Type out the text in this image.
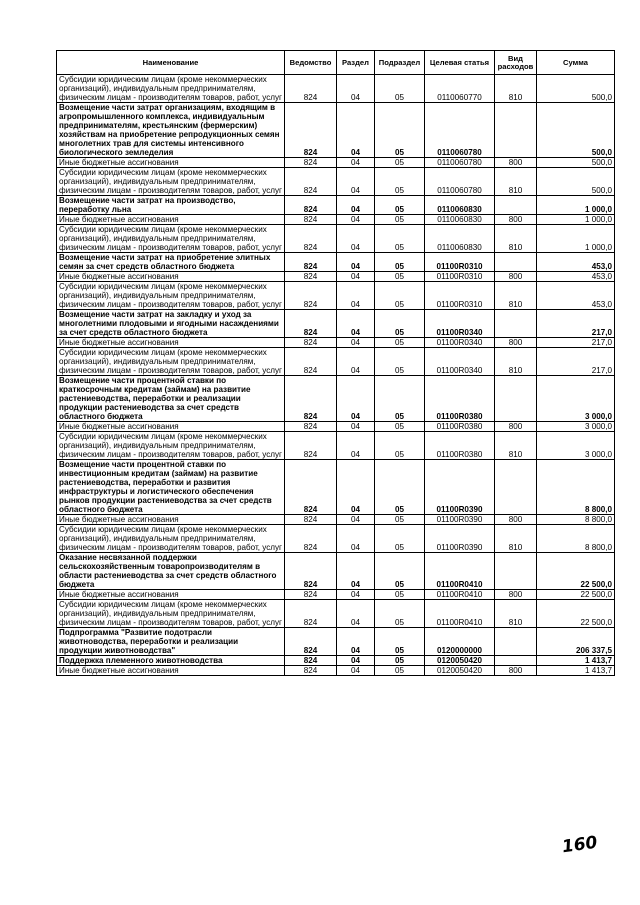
Наименование	Ведомство	Раздел	Подраздел	Целевая статья	Вид расходов	Сумма
Субсидии юридическим лицам (кроме некоммерческих организаций), индивидуальным предпринимателям, физическим лицам - производителям товаров, работ, услуг	824	04	05	0110060770	810	500,0
Возмещение части затрат организациям, входящим в агропромышленного комплекса, индивидуальным предпринимателям, крестьянским (фермерским) хозяйствам на приобретение репродукционных семян многолетних трав для системы интенсивного биологического земледелия	824	04	05	0110060780		500,0
Иные бюджетные ассигнования	824	04	05	0110060780	800	500,0
Субсидии юридическим лицам (кроме некоммерческих организаций), индивидуальным предпринимателям, физическим лицам - производителям товаров, работ, услуг	824	04	05	0110060780	810	500,0
Возмещение части затрат на производство, переработку льна	824	04	05	0110060830		1 000,0
Иные бюджетные ассигнования	824	04	05	0110060830	800	1 000,0
Субсидии юридическим лицам (кроме некоммерческих организаций), индивидуальным предпринимателям, физическим лицам - производителям товаров, работ, услуг	824	04	05	0110060830	810	1 000,0
Возмещение части затрат на приобретение элитных семян за счет средств областного бюджета	824	04	05	01100R0310		453,0
Иные бюджетные ассигнования	824	04	05	01100R0310	800	453,0
Субсидии юридическим лицам (кроме некоммерческих организаций), индивидуальным предпринимателям, физическим лицам - производителям товаров, работ, услуг	824	04	05	01100R0310	810	453,0
Возмещение части затрат на закладку и уход за многолетними плодовыми и ягодными насаждениями за счет средств областного бюджета	824	04	05	01100R0340		217,0
Иные бюджетные ассигнования	824	04	05	01100R0340	800	217,0
Субсидии юридическим лицам (кроме некоммерческих организаций), индивидуальным предпринимателям, физическим лицам - производителям товаров, работ, услуг	824	04	05	01100R0340	810	217,0
Возмещение части процентной ставки по краткосрочным кредитам (займам) на развитие растениеводства, переработки и реализации продукции растениеводства за счет средств областного бюджета	824	04	05	01100R0380		3 000,0
Иные бюджетные ассигнования	824	04	05	01100R0380	800	3 000,0
Субсидии юридическим лицам (кроме некоммерческих организаций), индивидуальным предпринимателям, физическим лицам - производителям товаров, работ, услуг	824	04	05	01100R0380	810	3 000,0
Возмещение части процентной ставки по инвестиционным кредитам (займам) на развитие растениеводства, переработки и развития инфраструктуры и логистического обеспечения рынков продукции растениеводства за счет средств областного бюджета	824	04	05	01100R0390		8 800,0
Иные бюджетные ассигнования	824	04	05	01100R0390	800	8 800,0
Субсидии юридическим лицам (кроме некоммерческих организаций), индивидуальным предпринимателям, физическим лицам - производителям товаров, работ, услуг	824	04	05	01100R0390	810	8 800,0
Оказание несвязанной поддержки сельскохозяйственным товаропроизводителям в области растениеводства за счет средств областного бюджета	824	04	05	01100R0410		22 500,0
Иные бюджетные ассигнования	824	04	05	01100R0410	800	22 500,0
Субсидии юридическим лицам (кроме некоммерческих организаций), индивидуальным предпринимателям, физическим лицам - производителям товаров, работ, услуг	824	04	05	01100R0410	810	22 500,0
Подпрограмма "Развитие подотрасли животноводства, переработки и реализации продукции животноводства"	824	04	05	0120000000		206 337,5
Поддержка племенного животноводства	824	04	05	0120050420		1 413,7
Иные бюджетные ассигнования	824	04	05	0120050420	800	1 413,7
160
